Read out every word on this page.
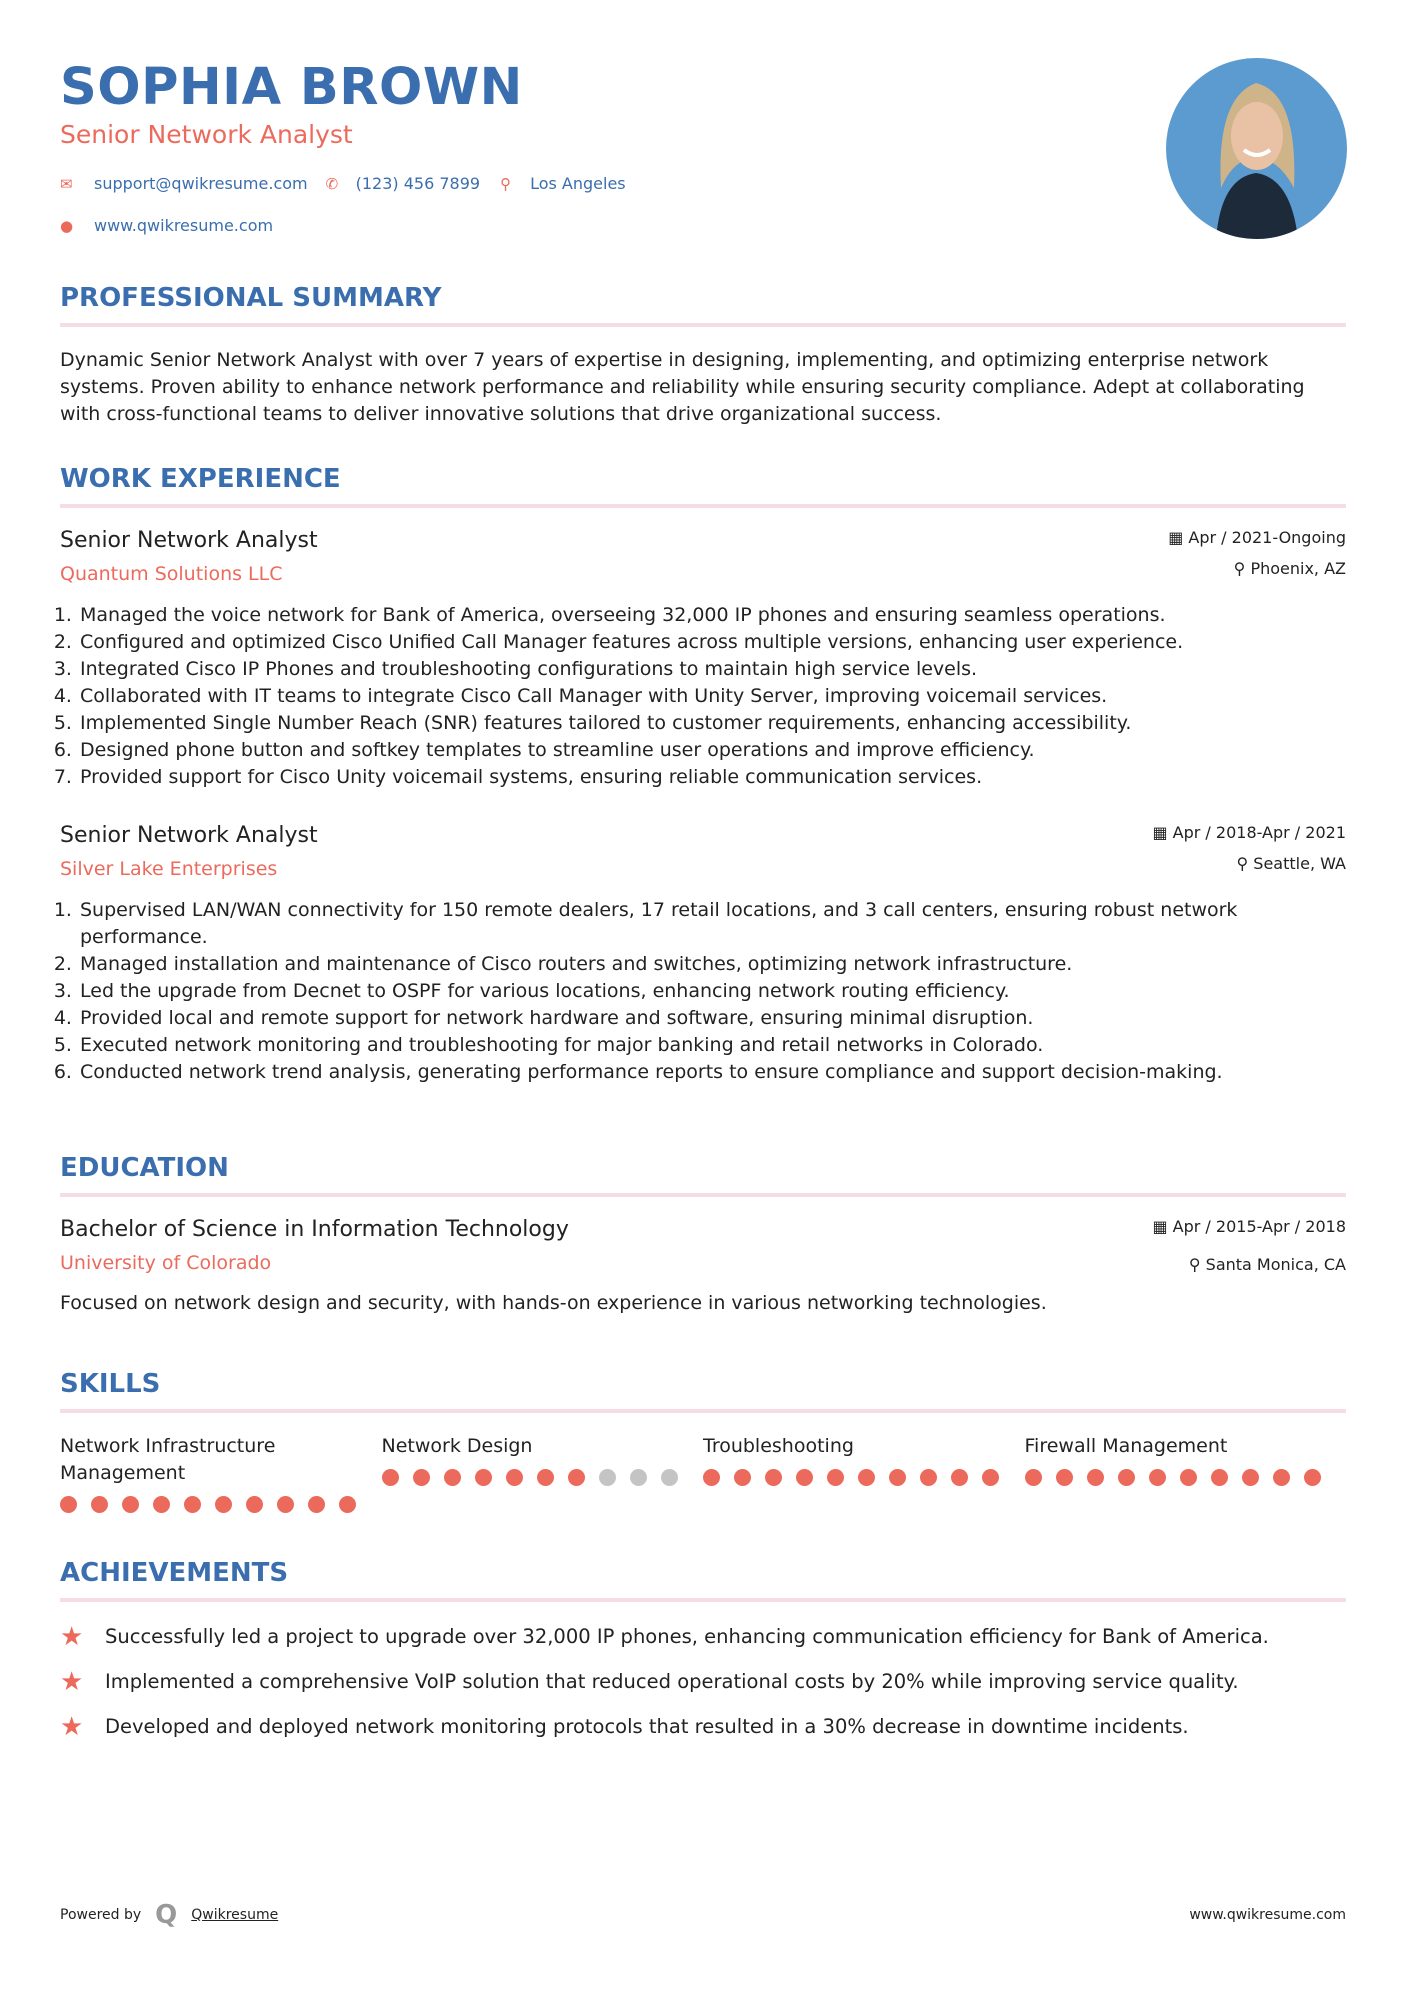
SOPHIA BROWN
Senior Network Analyst
✉	support@qwikresume.com ✆	(123) 456 7899 ⚲	Los Angeles
●	www.qwikresume.com
PROFESSIONAL SUMMARY

Dynamic Senior Network Analyst with over 7 years of expertise in designing, implementing, and optimizing enterprise network systems. Proven ability to enhance network performance and reliability while ensuring security compliance. Adept at collaborating with cross-functional teams to deliver innovative solutions that drive organizational success.

WORK EXPERIENCE
Senior Network Analyst
Quantum Solutions LLC
▦ Apr / 2021-Ongoing
⚲ Phoenix, AZ
1. Managed the voice network for Bank of America, overseeing 32,000 IP phones and ensuring seamless operations.
2. Configured and optimized Cisco Unified Call Manager features across multiple versions, enhancing user experience.
3. Integrated Cisco IP Phones and troubleshooting configurations to maintain high service levels.
4. Collaborated with IT teams to integrate Cisco Call Manager with Unity Server, improving voicemail services.
5. Implemented Single Number Reach (SNR) features tailored to customer requirements, enhancing accessibility.
6. Designed phone button and softkey templates to streamline user operations and improve efficiency.
7. Provided support for Cisco Unity voicemail systems, ensuring reliable communication services.
Senior Network Analyst
Silver Lake Enterprises
▦ Apr / 2018-Apr / 2021
⚲ Seattle, WA
1. Supervised LAN/WAN connectivity for 150 remote dealers, 17 retail locations, and 3 call centers, ensuring robust network performance.
2. Managed installation and maintenance of Cisco routers and switches, optimizing network infrastructure.
3. Led the upgrade from Decnet to OSPF for various locations, enhancing network routing efficiency.
4. Provided local and remote support for network hardware and software, ensuring minimal disruption.
5. Executed network monitoring and troubleshooting for major banking and retail networks in Colorado.
6. Conducted network trend analysis, generating performance reports to ensure compliance and support decision-making.
EDUCATION
Bachelor of Science in Information Technology
University of Colorado
▦ Apr / 2015-Apr / 2018
⚲ Santa Monica, CA

Focused on network design and security, with hands-on experience in various networking technologies.

SKILLS
Network Infrastructure Management
Network Design	Troubleshooting	Firewall Management
ACHIEVEMENTS
★	Successfully led a project to upgrade over 32,000 IP phones, enhancing communication efficiency for Bank of America.
★	Implemented a comprehensive VoIP solution that reduced operational costs by 20% while improving service quality.
★	Developed and deployed network monitoring protocols that resulted in a 30% decrease in downtime incidents.
Powered by Q Qwikresume	www.qwikresume.com
